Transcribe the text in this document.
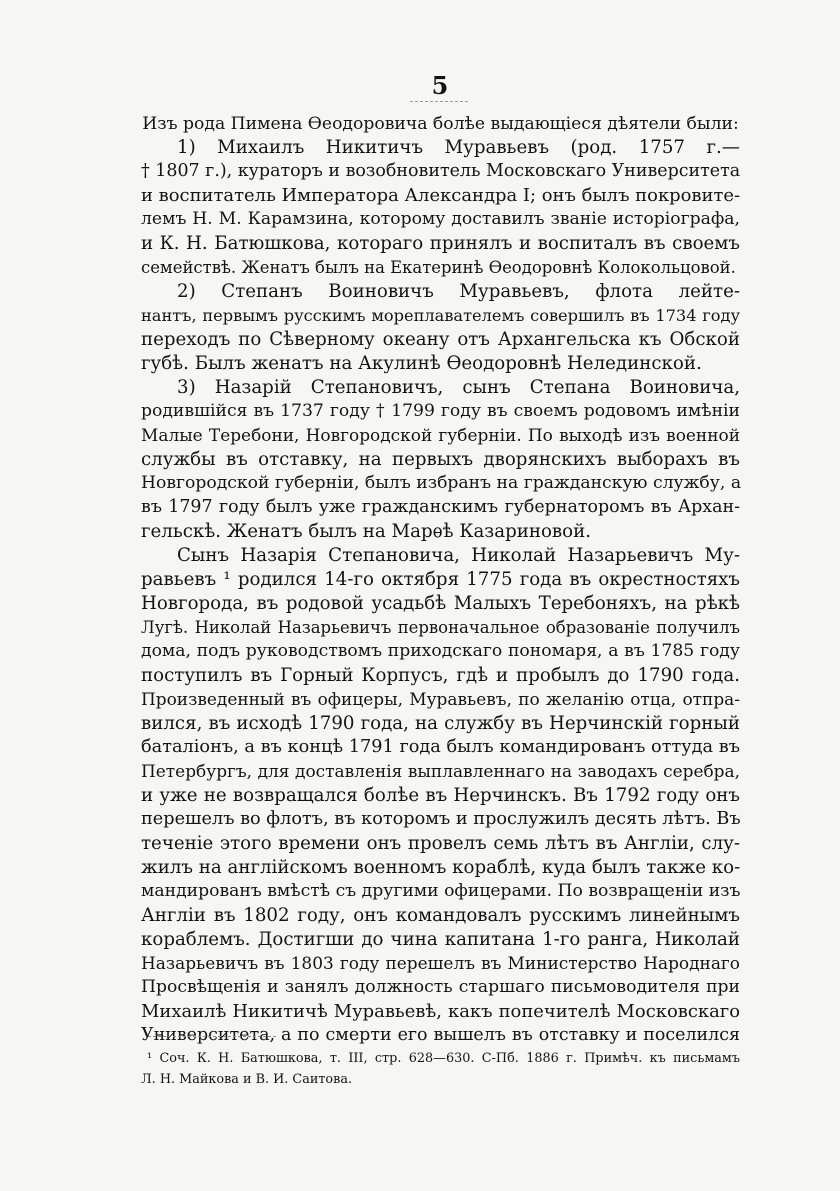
5
Изъ рода Пимена Ѳеодоровича болѣе выдающіеся дѣятели были:
1) Михаилъ Никитичъ Муравьевъ (род. 1757 г.—
† 1807 г.), кураторъ и возобновитель Московскаго Университета
и воспитатель Императора Александра I; онъ былъ покровите-
лемъ Н. М. Карамзина, которому доставилъ званіе исторіографа,
и К. Н. Батюшкова, котораго принялъ и воспиталъ въ своемъ
семействѣ. Женатъ былъ на Екатеринѣ Ѳеодоровнѣ Колокольцовой.
2) Степанъ Воиновичъ Муравьевъ, флота лейте-
нантъ, первымъ русскимъ мореплавателемъ совершилъ въ 1734 году
переходъ по Сѣверному океану отъ Архангельска къ Обской
губѣ. Былъ женатъ на Акулинѣ Ѳеодоровнѣ Нелединской.
3) Назарій Степановичъ, сынъ Степана Воиновича,
родившійся въ 1737 году † 1799 году въ своемъ родовомъ имѣніи
Малые Теребони, Новгородской губерніи. По выходѣ изъ военной
службы въ отставку, на первыхъ дворянскихъ выборахъ въ
Новгородской губерніи, былъ избранъ на гражданскую службу, а
въ 1797 году былъ уже гражданскимъ губернаторомъ въ Архан-
гельскѣ. Женатъ былъ на Марѳѣ Казариновой.
Сынъ Назарія Степановича, Николай Назарьевичъ Му-
равьевъ ¹ родился 14-го октября 1775 года въ окрестностяхъ
Новгорода, въ родовой усадьбѣ Малыхъ Теребоняхъ, на рѣкѣ
Лугѣ. Николай Назарьевичъ первоначальное образованіе получилъ
дома, подъ руководствомъ приходскаго пономаря, а въ 1785 году
поступилъ въ Горный Корпусъ, гдѣ и пробылъ до 1790 года.
Произведенный въ офицеры, Муравьевъ, по желанію отца, отпра-
вился, въ исходѣ 1790 года, на службу въ Нерчинскій горный
баталіонъ, а въ концѣ 1791 года былъ командированъ оттуда въ
Петербургъ, для доставленія выплавленнаго на заводахъ серебра,
и уже не возвращался болѣе въ Нерчинскъ. Въ 1792 году онъ
перешелъ во флотъ, въ которомъ и прослужилъ десять лѣтъ. Въ
теченіе этого времени онъ провелъ семь лѣтъ въ Англіи, слу-
жилъ на англійскомъ военномъ кораблѣ, куда былъ также ко-
мандированъ вмѣстѣ съ другими офицерами. По возвращеніи изъ
Англіи въ 1802 году, онъ командовалъ русскимъ линейнымъ
кораблемъ. Достигши до чина капитана 1-го ранга, Николай
Назарьевичъ въ 1803 году перешелъ въ Министерство Народнаго
Просвѣщенія и занялъ должность старшаго письмоводителя при
Михаилѣ Никитичѣ Муравьевѣ, какъ попечителѣ Московскаго
Университета, а по смерти его вышелъ въ отставку и поселился
¹ Соч. К. Н. Батюшкова, т. III, стр. 628—630. С-Пб. 1886 г. Примѣч. къ письмамъ
Л. Н. Майкова и В. И. Саитова.
